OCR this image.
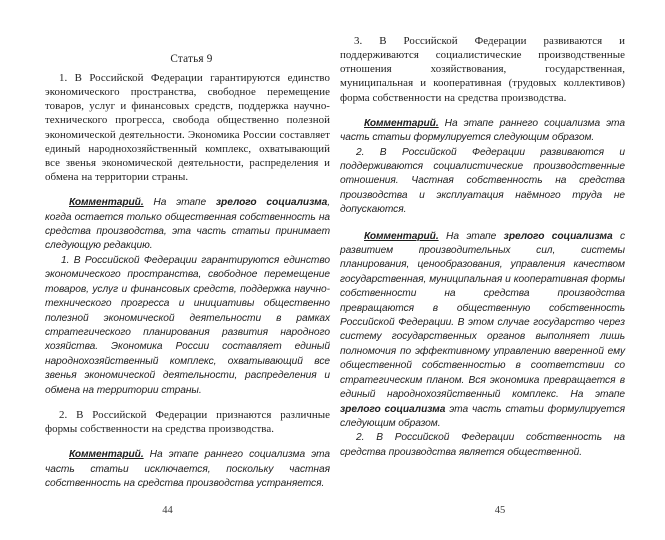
Статья 9

1. В Российской Федерации гарантируются единство экономического пространства, свободное перемещение товаров, услуг и финансовых средств, поддержка научно-технического прогресса, свобода общественно полезной экономической деятельности. Экономика России составляет единый народнохозяйственный комплекс, охватывающий все звенья экономической деятельности, распределения и обмена на территории страны.

Комментарий. На этапе зрелого социализма, когда остается только общественная собственность на средства производства, эта часть статьи принимает следующую редакцию.

1. В Российской Федерации гарантируются единство экономического пространства, свободное перемещение товаров, услуг и финансовых средств, поддержка научно-технического прогресса и инициативы общественно полезной экономической деятельности в рамках стратегического планирования развития народного хозяйства. Экономика России составляет единый народнохозяйственный комплекс, охватывающий все звенья экономической деятельности, распределения и обмена на территории страны.

2. В Российской Федерации признаются различные формы собственности на средства производства.

Комментарий. На этапе раннего социализма эта часть статьи исключается, поскольку частная собственность на средства производства устраняется.

44

3. В Российской Федерации развиваются и поддерживаются социалистические производственные отношения хозяйствования, государственная, муниципальная и кооперативная (трудовых коллективов) форма собственности на средства производства.

Комментарий. На этапе раннего социализма эта часть статьи формулируется следующим образом.

2. В Российской Федерации развиваются и поддерживаются социалистические производственные отношения. Частная собственность на средства производства и эксплуатация наёмного труда не допускаются.

Комментарий. На этапе зрелого социализма с развитием производительных сил, системы планирования, ценообразования, управления качеством государственная, муниципальная и кооперативная формы собственности на средства производства превращаются в общественную собственность Российской Федерации. В этом случае государство через систему государственных органов выполняет лишь полномочия по эффективному управлению вверенной ему общественной собственностью в соответствии со стратегическим планом. Вся экономика превращается в единый народнохозяйственный комплекс. На этапе зрелого социализма эта часть статьи формулируется следующим образом.

2. В Российской Федерации собственность на средства производства является общественной.

45
